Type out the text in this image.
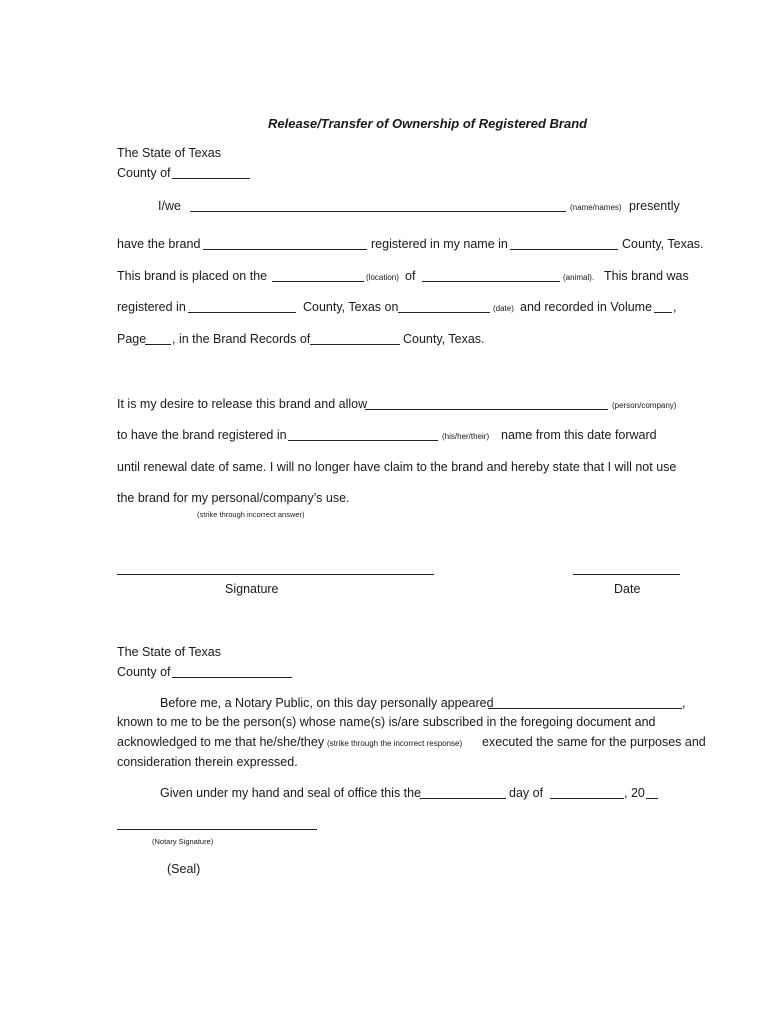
Release/Transfer of Ownership of Registered Brand
The State of Texas
County of
I/we	(name/names) presently
have the brand	registered in my name in	County, Texas.
This brand is placed on the	(location) of	(animal). This brand was
registered in	County, Texas on	(date) and recorded in Volume ,
Page , in the Brand Records of	County, Texas.
It is my desire to release this brand and allow	(person/company)
to have the brand registered in	(his/her/their) name from this date forward
until renewal date of same. I will no longer have claim to the brand and hereby state that I will not use
the brand for my personal/company’s use.
(strike through incorrect answer)
Signature	Date
The State of Texas
County of
Before me, a Notary Public, on this day personally appeared	,
known to me to be the person(s) whose name(s) is/are subscribed in the foregoing document and
acknowledged to me that he/she/they (strike through the incorrect response) executed the same for the purposes and
consideration therein expressed.
Given under my hand and seal of office this the	day of	, 20
(Notary Signature)
(Seal)
